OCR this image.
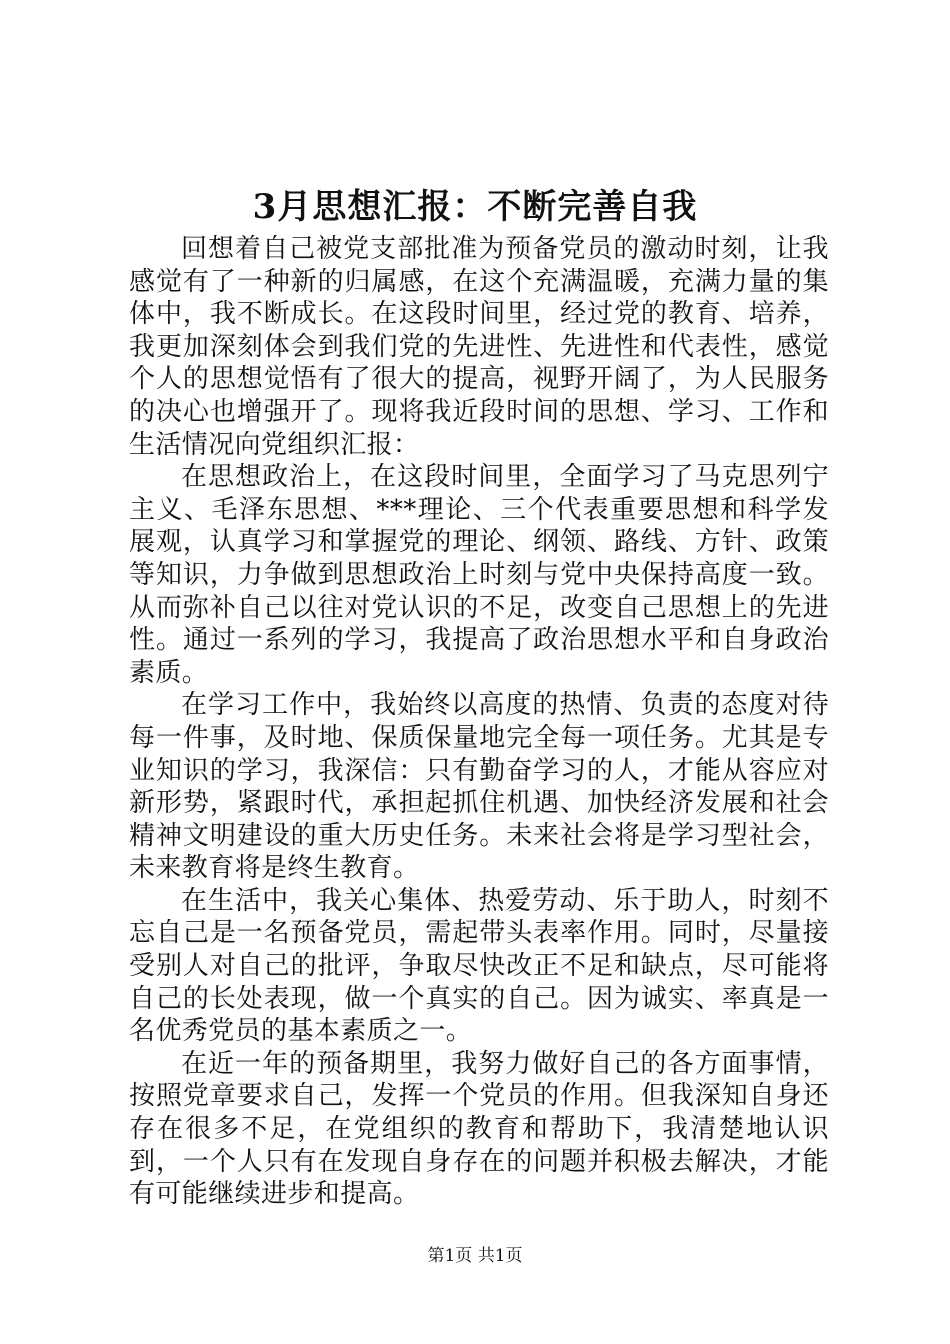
3月思想汇报：不断完善自我

回想着自己被党支部批准为预备党员的激动时刻，让我感觉有了一种新的归属感，在这个充满温暖，充满力量的集体中，我不断成长。在这段时间里，经过党的教育、培养，我更加深刻体会到我们党的先进性、先进性和代表性，感觉个人的思想觉悟有了很大的提高，视野开阔了，为人民服务的决心也增强开了。现将我近段时间的思想、学习、工作和生活情况向党组织汇报：

在思想政治上，在这段时间里，全面学习了马克思列宁主义、毛泽东思想、***理论、三个代表重要思想和科学发展观，认真学习和掌握党的理论、纲领、路线、方针、政策等知识，力争做到思想政治上时刻与党中央保持高度一致。从而弥补自己以往对党认识的不足，改变自己思想上的先进性。通过一系列的学习，我提高了政治思想水平和自身政治素质。

在学习工作中，我始终以高度的热情、负责的态度对待每一件事，及时地、保质保量地完全每一项任务。尤其是专业知识的学习，我深信：只有勤奋学习的人，才能从容应对新形势，紧跟时代，承担起抓住机遇、加快经济发展和社会精神文明建设的重大历史任务。未来社会将是学习型社会，未来教育将是终生教育。

在生活中，我关心集体、热爱劳动、乐于助人，时刻不忘自己是一名预备党员，需起带头表率作用。同时，尽量接受别人对自己的批评，争取尽快改正不足和缺点，尽可能将自己的长处表现，做一个真实的自己。因为诚实、率真是一名优秀党员的基本素质之一。

在近一年的预备期里，我努力做好自己的各方面事情，按照党章要求自己，发挥一个党员的作用。但我深知自身还存在很多不足，在党组织的教育和帮助下，我清楚地认识到，一个人只有在发现自身存在的问题并积极去解决，才能有可能继续进步和提高。

第1页 共1页
